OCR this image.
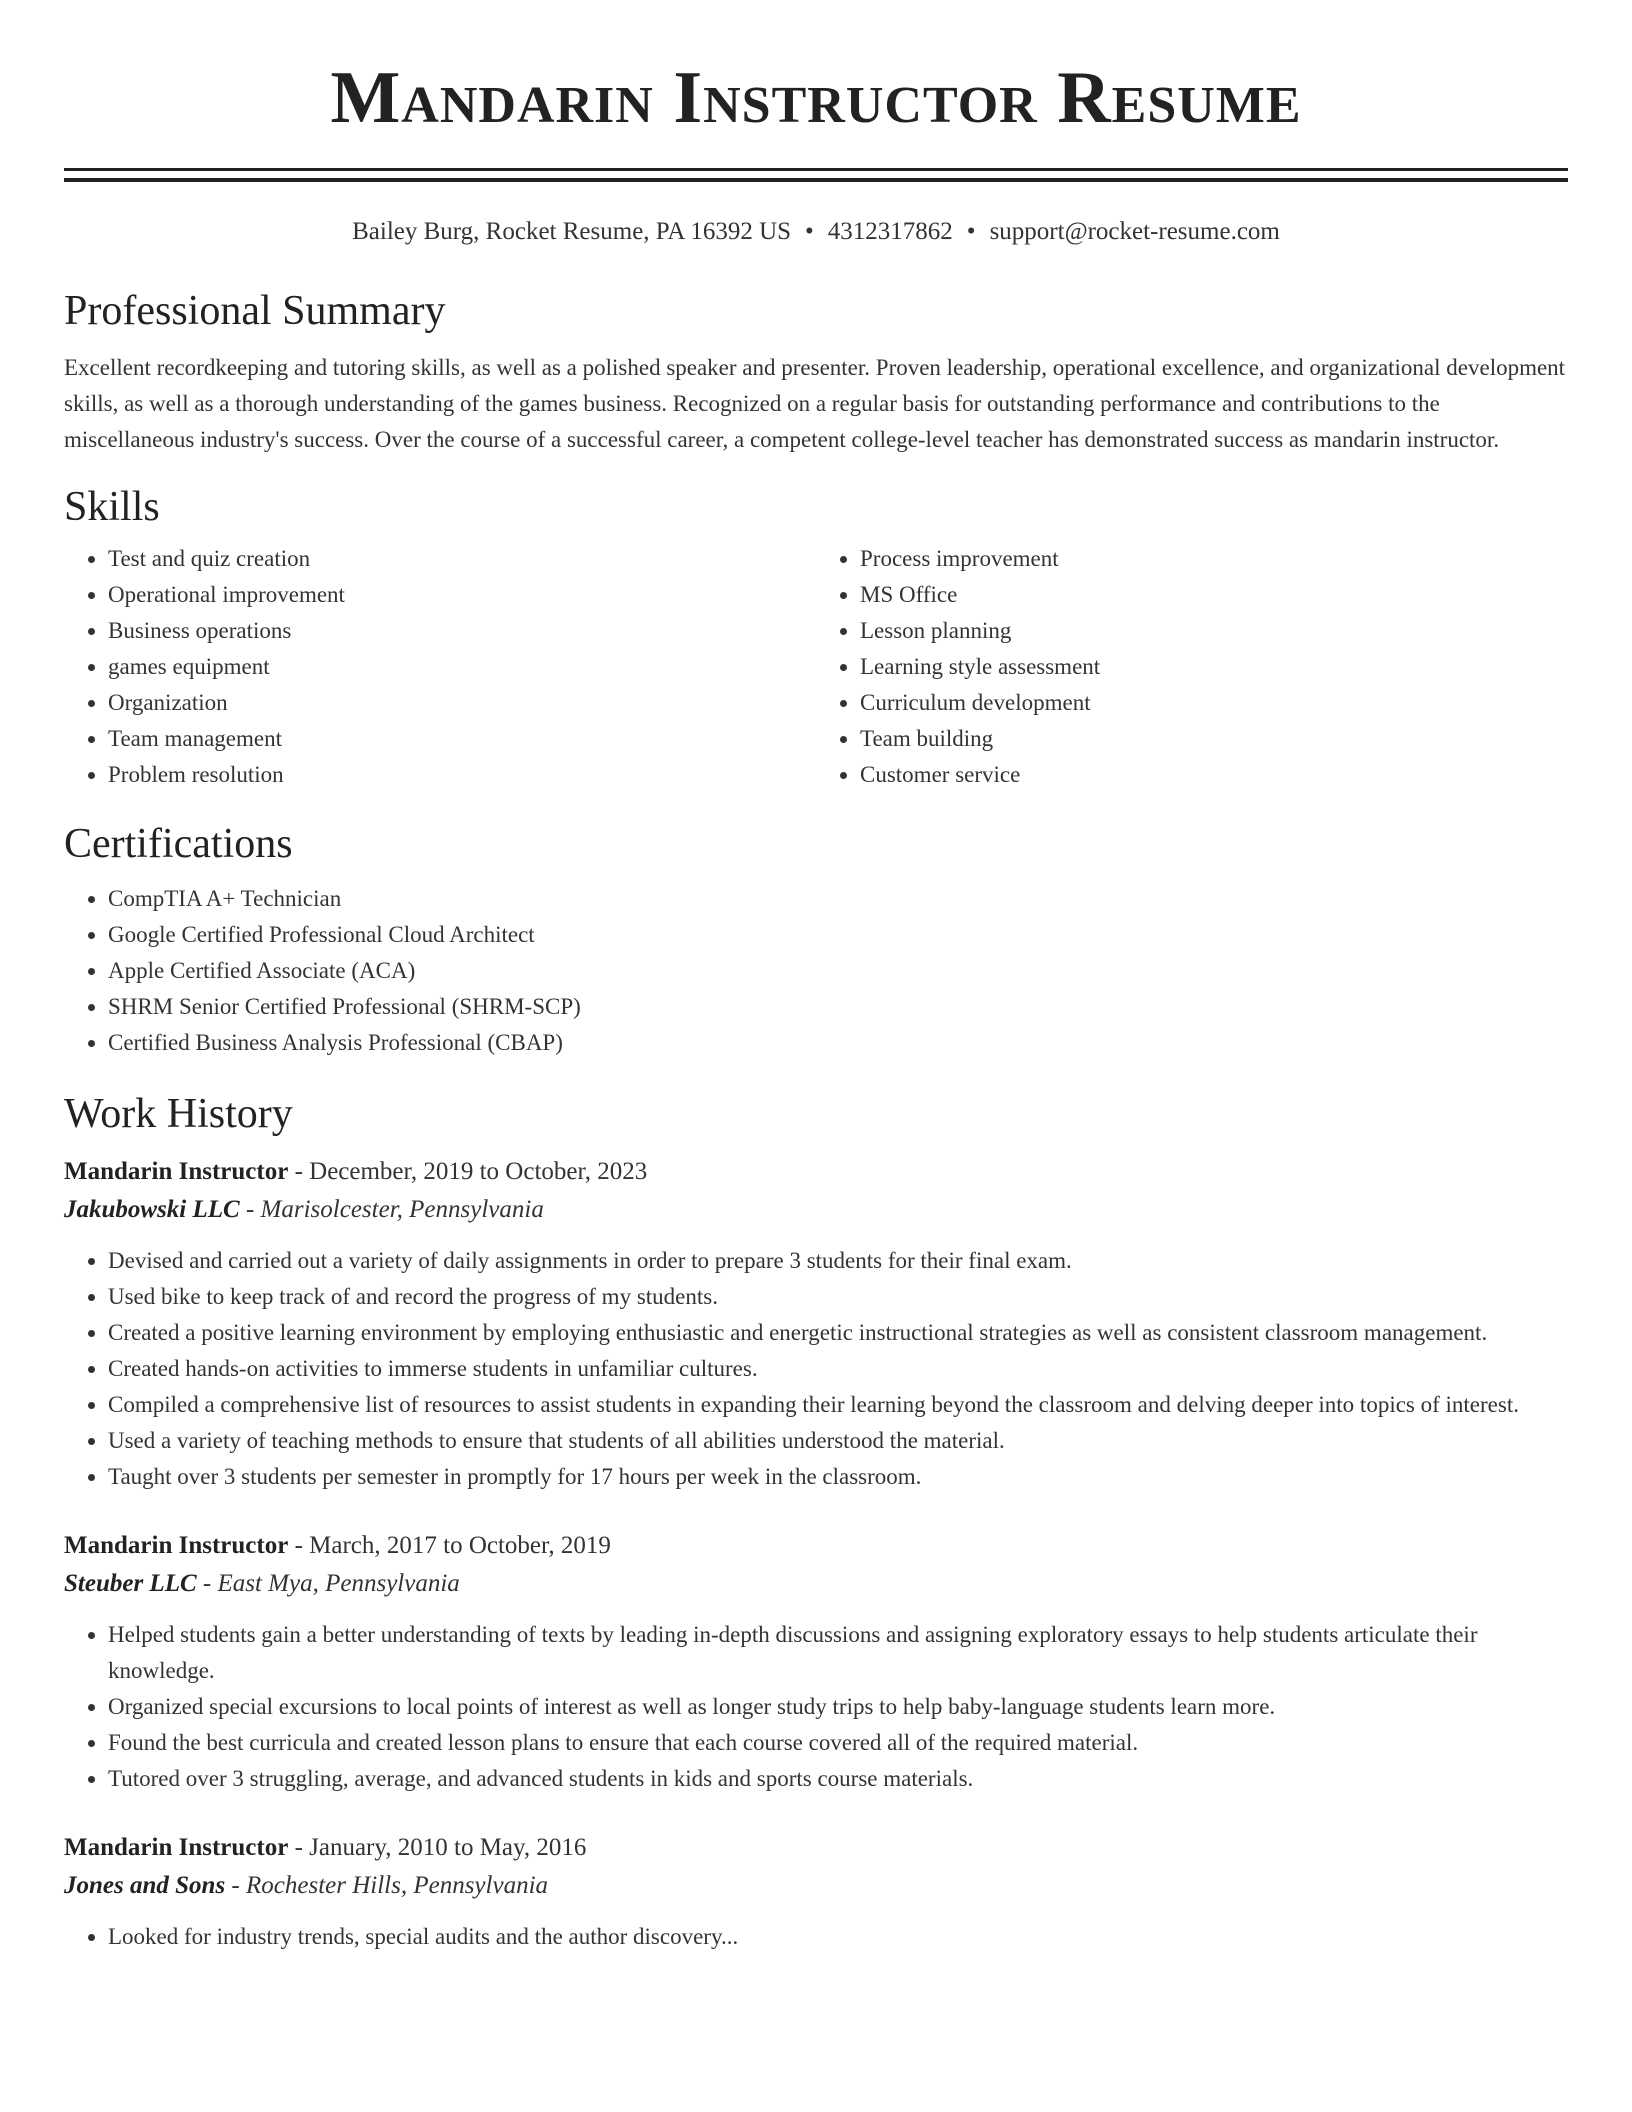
Mandarin Instructor Resume
Bailey Burg, Rocket Resume, PA 16392 US • 4312317862 • support@rocket-resume.com
Professional Summary

Excellent recordkeeping and tutoring skills, as well as a polished speaker and presenter. Proven leadership, operational excellence, and organizational development skills, as well as a thorough understanding of the games business. Recognized on a regular basis for outstanding performance and contributions to the miscellaneous industry's success. Over the course of a successful career, a competent college-level teacher has demonstrated success as mandarin instructor.

Skills
• Test and quiz creation
• Operational improvement
• Business operations
• games equipment
• Organization
• Team management
• Problem resolution
• Process improvement
• MS Office
• Lesson planning
• Learning style assessment
• Curriculum development
• Team building
• Customer service
Certifications
• CompTIA A+ Technician
• Google Certified Professional Cloud Architect
• Apple Certified Associate (ACA)
• SHRM Senior Certified Professional (SHRM-SCP)
• Certified Business Analysis Professional (CBAP)
Work History
Mandarin Instructor - December, 2019 to October, 2023
Jakubowski LLC - Marisolcester, Pennsylvania
• Devised and carried out a variety of daily assignments in order to prepare 3 students for their final exam.
• Used bike to keep track of and record the progress of my students.
• Created a positive learning environment by employing enthusiastic and energetic instructional strategies as well as consistent classroom management.
• Created hands-on activities to immerse students in unfamiliar cultures.
• Compiled a comprehensive list of resources to assist students in expanding their learning beyond the classroom and delving deeper into topics of interest.
• Used a variety of teaching methods to ensure that students of all abilities understood the material.
• Taught over 3 students per semester in promptly for 17 hours per week in the classroom.
Mandarin Instructor - March, 2017 to October, 2019
Steuber LLC - East Mya, Pennsylvania
• Helped students gain a better understanding of texts by leading in-depth discussions and assigning exploratory essays to help students articulate their knowledge.
• Organized special excursions to local points of interest as well as longer study trips to help baby-language students learn more.
• Found the best curricula and created lesson plans to ensure that each course covered all of the required material.
• Tutored over 3 struggling, average, and advanced students in kids and sports course materials.
Mandarin Instructor - January, 2010 to May, 2016
Jones and Sons - Rochester Hills, Pennsylvania
• Looked for industry trends, special audits and the author discovery...
